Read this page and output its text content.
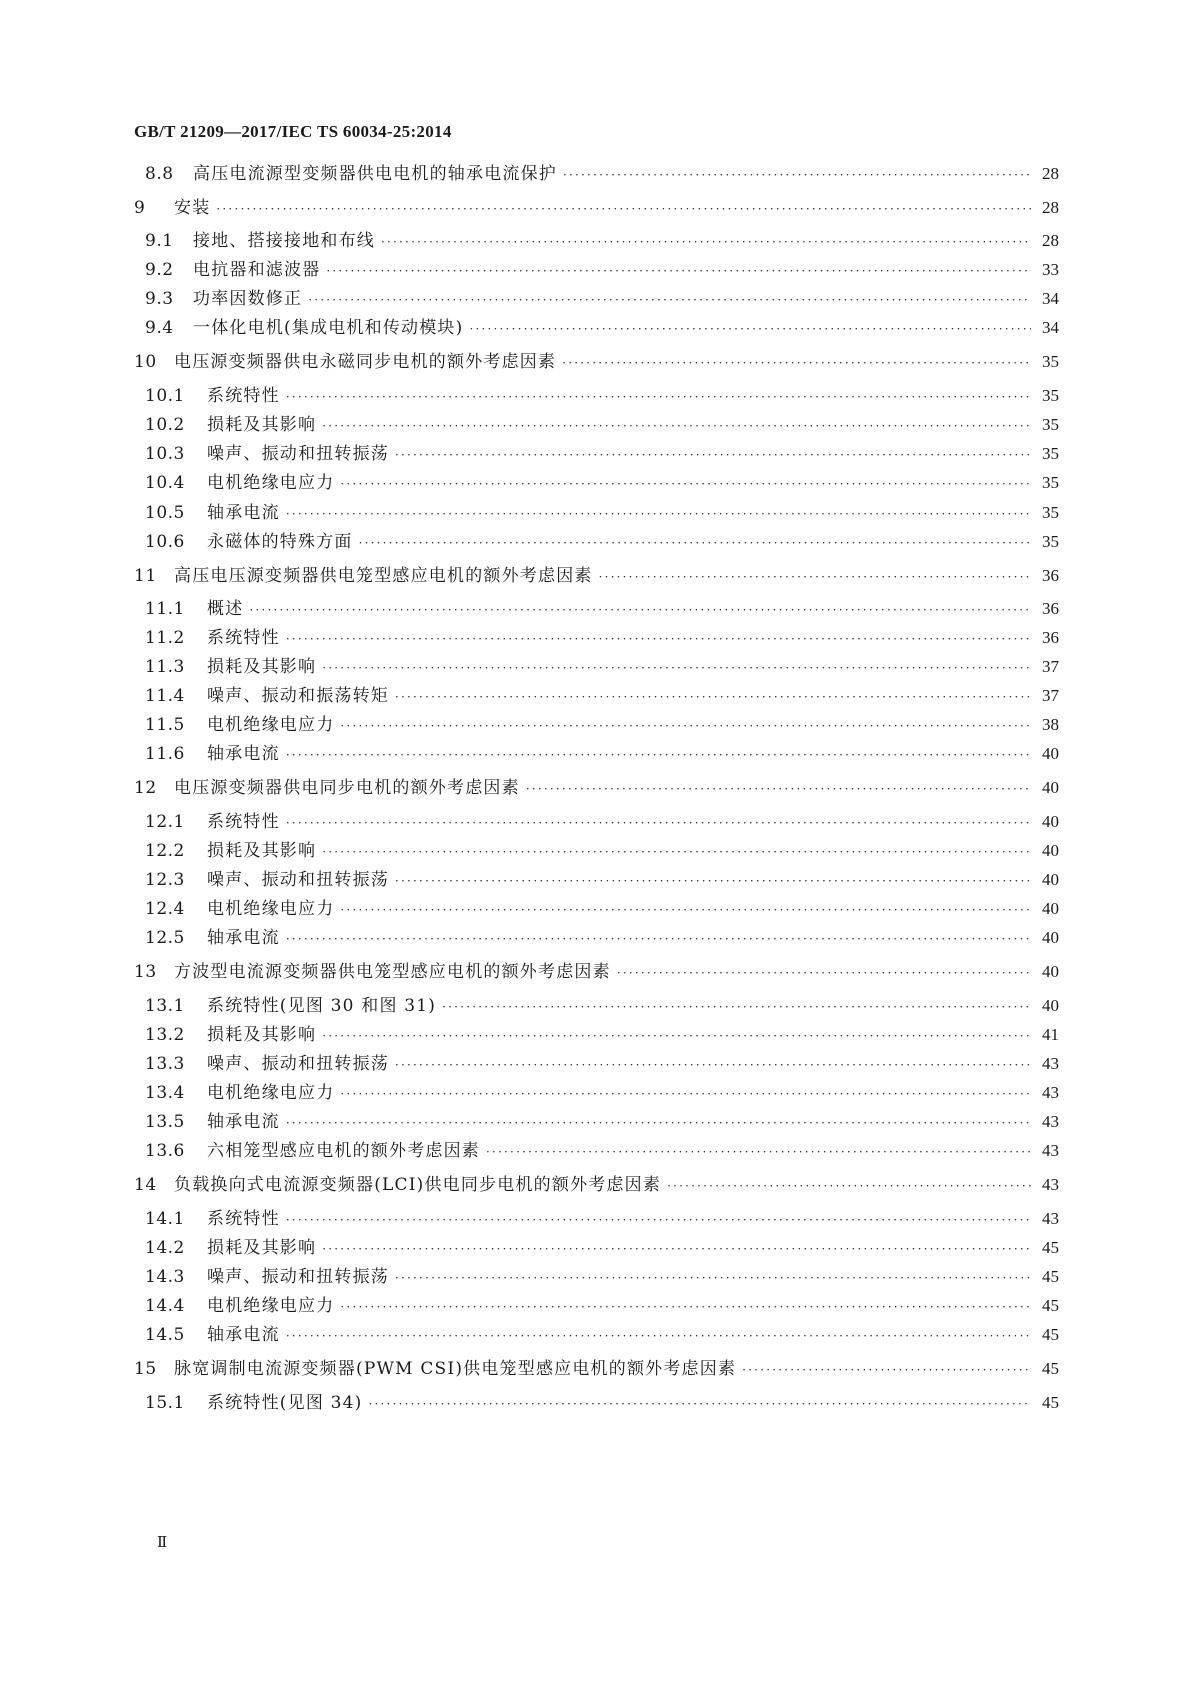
GB/T 21209—2017/IEC TS 60034-25:2014
8.8	高压电流源型变频器供电电机的轴承电流保护 ·····	28
9	安装 ·····	28
9.1	接地、搭接接地和布线 ·····	28
9.2	电抗器和滤波器 ·····	33
9.3	功率因数修正 ·····	34
9.4	一体化电机(集成电机和传动模块) ·····	34
10	电压源变频器供电永磁同步电机的额外考虑因素 ·····	35
10.1	系统特性 ·····	35
10.2	损耗及其影响 ·····	35
10.3	噪声、振动和扭转振荡 ·····	35
10.4	电机绝缘电应力 ·····	35
10.5	轴承电流 ·····	35
10.6	永磁体的特殊方面 ·····	35
11	高压电压源变频器供电笼型感应电机的额外考虑因素 ·····	36
11.1	概述 ·····	36
11.2	系统特性 ·····	36
11.3	损耗及其影响 ·····	37
11.4	噪声、振动和振荡转矩 ·····	37
11.5	电机绝缘电应力 ·····	38
11.6	轴承电流 ·····	40
12	电压源变频器供电同步电机的额外考虑因素 ·····	40
12.1	系统特性 ·····	40
12.2	损耗及其影响 ·····	40
12.3	噪声、振动和扭转振荡 ·····	40
12.4	电机绝缘电应力 ·····	40
12.5	轴承电流 ·····	40
13	方波型电流源变频器供电笼型感应电机的额外考虑因素 ·····	40
13.1	系统特性(见图 30 和图 31) ·····	40
13.2	损耗及其影响 ·····	41
13.3	噪声、振动和扭转振荡 ·····	43
13.4	电机绝缘电应力 ·····	43
13.5	轴承电流 ·····	43
13.6	六相笼型感应电机的额外考虑因素 ·····	43
14	负载换向式电流源变频器(LCI)供电同步电机的额外考虑因素 ·····	43
14.1	系统特性 ·····	43
14.2	损耗及其影响 ·····	45
14.3	噪声、振动和扭转振荡 ·····	45
14.4	电机绝缘电应力 ·····	45
14.5	轴承电流 ·····	45
15	脉宽调制电流源变频器(PWM CSI)供电笼型感应电机的额外考虑因素 ·····	45
15.1	系统特性(见图 34) ·····	45
Ⅱ
